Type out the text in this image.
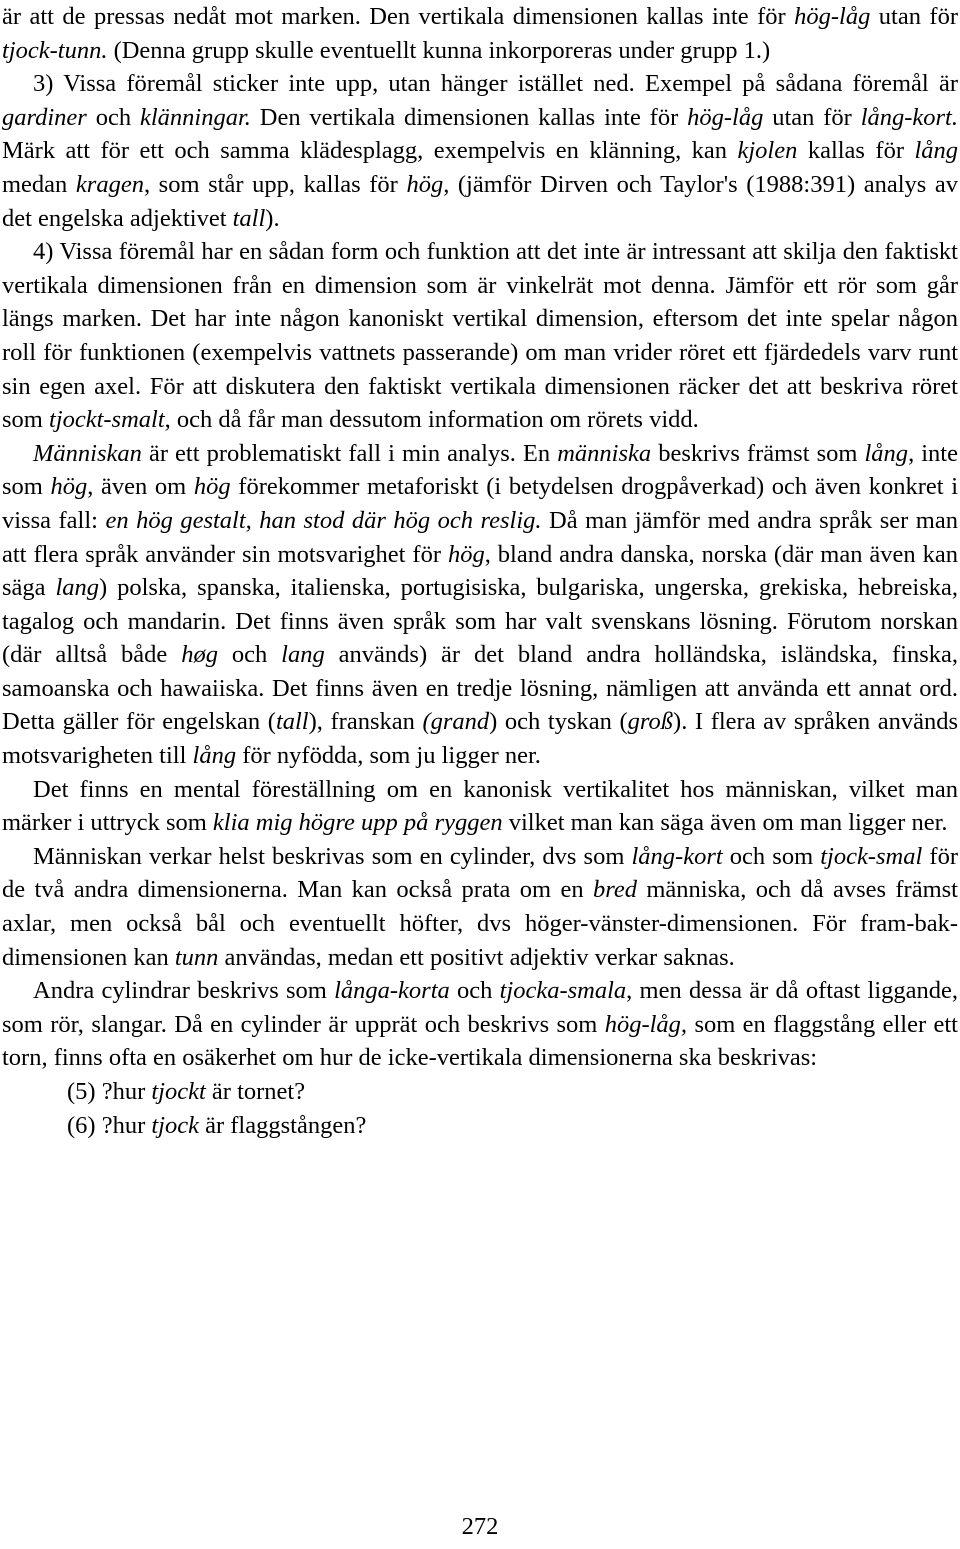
är att de pressas nedåt mot marken. Den vertikala dimensionen kallas inte för hög-låg utan för tjock-tunn. (Denna grupp skulle eventuellt kunna inkorporeras under grupp 1.)

3) Vissa föremål sticker inte upp, utan hänger istället ned. Exempel på sådana föremål är gardiner och klänningar. Den vertikala dimensionen kallas inte för hög-låg utan för lång-kort. Märk att för ett och samma klädesplagg, exempelvis en klänning, kan kjolen kallas för lång medan kragen, som står upp, kallas för hög, (jämför Dirven och Taylor's (1988:391) analys av det engelska adjektivet tall).

4) Vissa föremål har en sådan form och funktion att det inte är intressant att skilja den faktiskt vertikala dimensionen från en dimension som är vinkelrät mot denna. Jämför ett rör som går längs marken. Det har inte någon kanoniskt vertikal dimension, eftersom det inte spelar någon roll för funktionen (exempelvis vattnets passerande) om man vrider röret ett fjärdedels varv runt sin egen axel. För att diskutera den faktiskt vertikala dimensionen räcker det att beskriva röret som tjockt-smalt, och då får man dessutom information om rörets vidd.

Människan är ett problematiskt fall i min analys. En människa beskrivs främst som lång, inte som hög, även om hög förekommer metaforiskt (i betydelsen drogpåverkad) och även konkret i vissa fall: en hög gestalt, han stod där hög och reslig. Då man jämför med andra språk ser man att flera språk använder sin motsvarighet för hög, bland andra danska, norska (där man även kan säga lang) polska, spanska, italienska, portugisiska, bulgariska, ungerska, grekiska, hebreiska, tagalog och mandarin. Det finns även språk som har valt svenskans lösning. Förutom norskan (där alltså både høg och lang används) är det bland andra holländska, isländska, finska, samoanska och hawaiiska. Det finns även en tredje lösning, nämligen att använda ett annat ord. Detta gäller för engelskan (tall), franskan (grand) och tyskan (groß). I flera av språken används motsvarigheten till lång för nyfödda, som ju ligger ner.

Det finns en mental föreställning om en kanonisk vertikalitet hos människan, vilket man märker i uttryck som klia mig högre upp på ryggen vilket man kan säga även om man ligger ner.

Människan verkar helst beskrivas som en cylinder, dvs som lång-kort och som tjock-smal för de två andra dimensionerna. Man kan också prata om en bred människa, och då avses främst axlar, men också bål och eventuellt höfter, dvs höger-vänster-dimensionen. För fram-bak-dimensionen kan tunn användas, medan ett positivt adjektiv verkar saknas.

Andra cylindrar beskrivs som långa-korta och tjocka-smala, men dessa är då oftast liggande, som rör, slangar. Då en cylinder är upprät och beskrivs som hög-låg, som en flaggstång eller ett torn, finns ofta en osäkerhet om hur de icke-vertikala dimensionerna ska beskrivas:

(5) ?hur tjockt är tornet?

(6) ?hur tjock är flaggstången?

272
